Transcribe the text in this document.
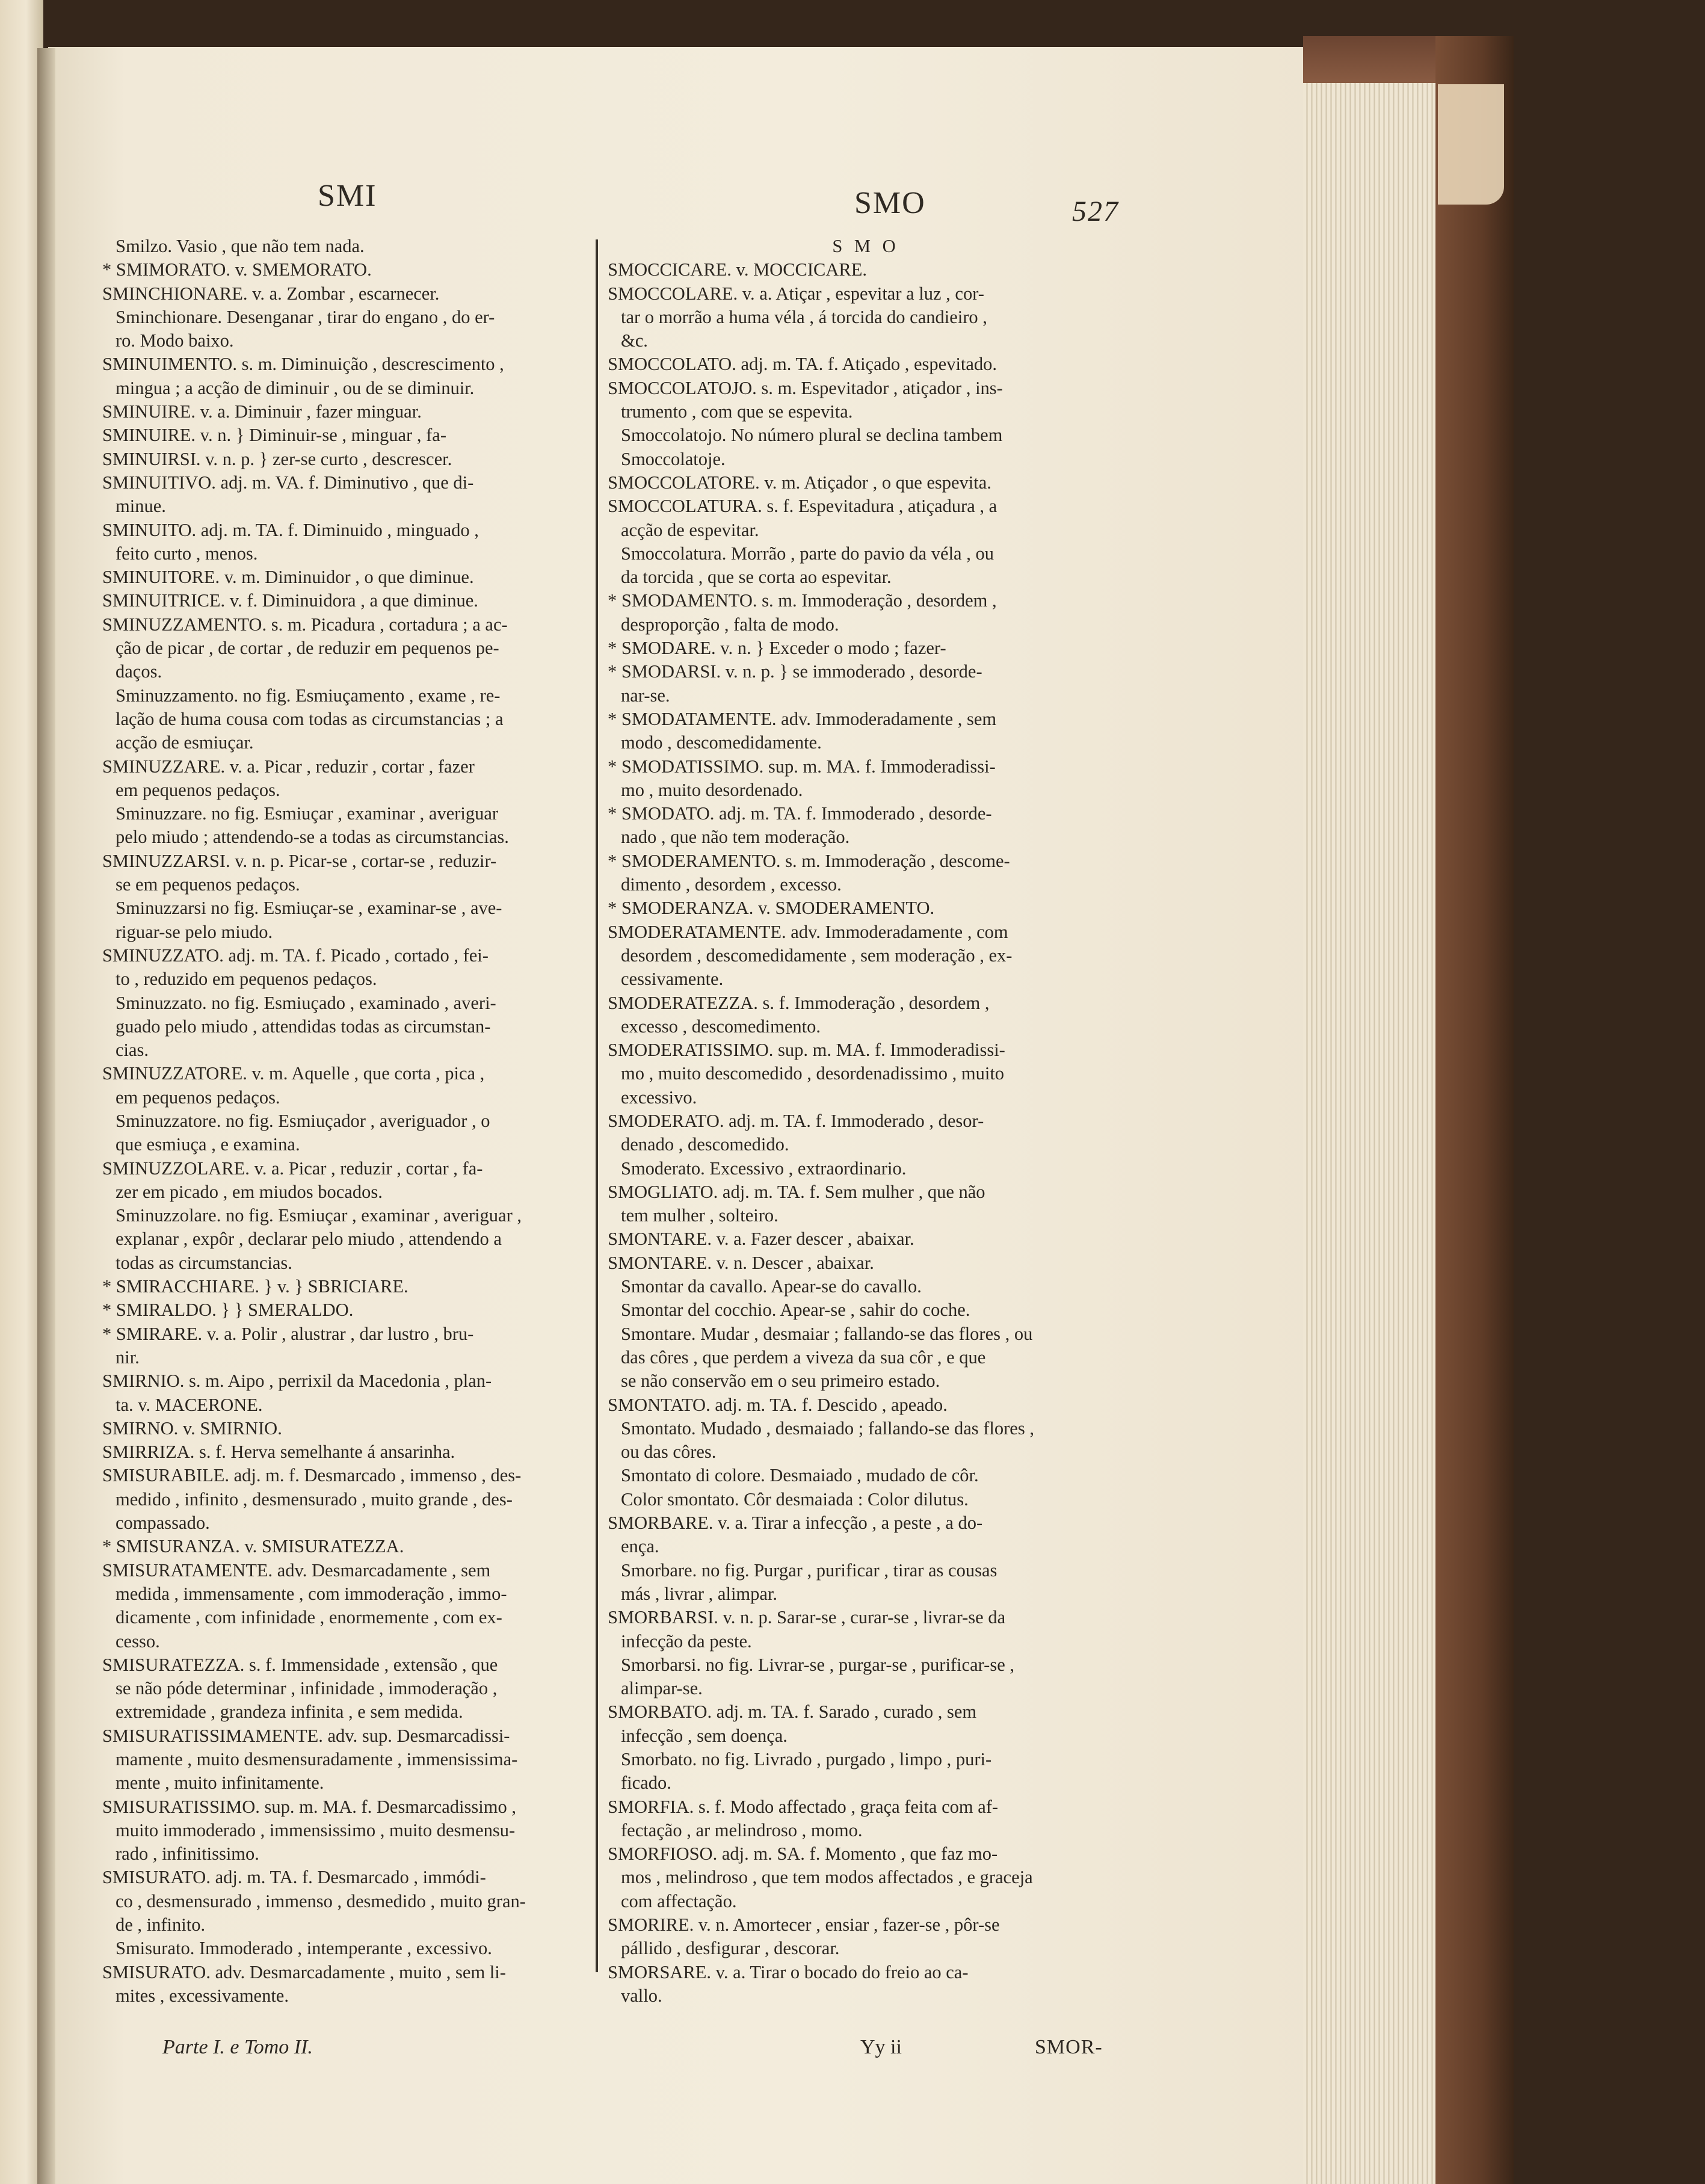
SMI	SMO	527
Smilzo. Vasio , que não tem nada.
* SMIMORATO. v. SMEMORATO.
SMINCHIONARE. v. a. Zombar , escarnecer.
Sminchionare. Desenganar , tirar do engano , do er-
ro. Modo baixo.
SMINUIMENTO. s. m. Diminuição , descrescimento ,
mingua ; a acção de diminuir , ou de se diminuir.
SMINUIRE. v. a. Diminuir , fazer minguar.
SMINUIRE. v. n. } Diminuir-se , minguar , fa-
SMINUIRSI. v. n. p. } zer-se curto , descrescer.
SMINUITIVO. adj. m. VA. f. Diminutivo , que di-
minue.
SMINUITO. adj. m. TA. f. Diminuido , minguado ,
feito curto , menos.
SMINUITORE. v. m. Diminuidor , o que diminue.
SMINUITRICE. v. f. Diminuidora , a que diminue.
SMINUZZAMENTO. s. m. Picadura , cortadura ; a ac-
ção de picar , de cortar , de reduzir em pequenos pe-
daços.
Sminuzzamento. no fig. Esmiuçamento , exame , re-
lação de huma cousa com todas as circumstancias ; a
acção de esmiuçar.
SMINUZZARE. v. a. Picar , reduzir , cortar , fazer
em pequenos pedaços.
Sminuzzare. no fig. Esmiuçar , examinar , averiguar
pelo miudo ; attendendo-se a todas as circumstancias.
SMINUZZARSI. v. n. p. Picar-se , cortar-se , reduzir-
se em pequenos pedaços.
Sminuzzarsi no fig. Esmiuçar-se , examinar-se , ave-
riguar-se pelo miudo.
SMINUZZATO. adj. m. TA. f. Picado , cortado , fei-
to , reduzido em pequenos pedaços.
Sminuzzato. no fig. Esmiuçado , examinado , averi-
guado pelo miudo , attendidas todas as circumstan-
cias.
SMINUZZATORE. v. m. Aquelle , que corta , pica ,
em pequenos pedaços.
Sminuzzatore. no fig. Esmiuçador , averiguador , o
que esmiuça , e examina.
SMINUZZOLARE. v. a. Picar , reduzir , cortar , fa-
zer em picado , em miudos bocados.
Sminuzzolare. no fig. Esmiuçar , examinar , averiguar ,
explanar , expôr , declarar pelo miudo , attendendo a
todas as circumstancias.
* SMIRACCHIARE. } v. } SBRICIARE.
* SMIRALDO. } } SMERALDO.
* SMIRARE. v. a. Polir , alustrar , dar lustro , bru-
nir.
SMIRNIO. s. m. Aipo , perrixil da Macedonia , plan-
ta. v. MACERONE.
SMIRNO. v. SMIRNIO.
SMIRRIZA. s. f. Herva semelhante á ansarinha.
SMISURABILE. adj. m. f. Desmarcado , immenso , des-
medido , infinito , desmensurado , muito grande , des-
compassado.
* SMISURANZA. v. SMISURATEZZA.
SMISURATAMENTE. adv. Desmarcadamente , sem
medida , immensamente , com immoderação , immo-
dicamente , com infinidade , enormemente , com ex-
cesso.
SMISURATEZZA. s. f. Immensidade , extensão , que
se não póde determinar , infinidade , immoderação ,
extremidade , grandeza infinita , e sem medida.
SMISURATISSIMAMENTE. adv. sup. Desmarcadissi-
mamente , muito desmensuradamente , immensissima-
mente , muito infinitamente.
SMISURATISSIMO. sup. m. MA. f. Desmarcadissimo ,
muito immoderado , immensissimo , muito desmensu-
rado , infinitissimo.
SMISURATO. adj. m. TA. f. Desmarcado , immódi-
co , desmensurado , immenso , desmedido , muito gran-
de , infinito.
Smisurato. Immoderado , intemperante , excessivo.
SMISURATO. adv. Desmarcadamente , muito , sem li-
mites , excessivamente.
S M O
SMOCCICARE. v. MOCCICARE.
SMOCCOLARE. v. a. Atiçar , espevitar a luz , cor-
tar o morrão a huma véla , á torcida do candieiro ,
&c.
SMOCCOLATO. adj. m. TA. f. Atiçado , espevitado.
SMOCCOLATOJO. s. m. Espevitador , atiçador , ins-
trumento , com que se espevita.
Smoccolatojo. No número plural se declina tambem
Smoccolatoje.
SMOCCOLATORE. v. m. Atiçador , o que espevita.
SMOCCOLATURA. s. f. Espevitadura , atiçadura , a
acção de espevitar.
Smoccolatura. Morrão , parte do pavio da véla , ou
da torcida , que se corta ao espevitar.
* SMODAMENTO. s. m. Immoderação , desordem ,
desproporção , falta de modo.
* SMODARE. v. n. } Exceder o modo ; fazer-
* SMODARSI. v. n. p. } se immoderado , desorde-
nar-se.
* SMODATAMENTE. adv. Immoderadamente , sem
modo , descomedidamente.
* SMODATISSIMO. sup. m. MA. f. Immoderadissi-
mo , muito desordenado.
* SMODATO. adj. m. TA. f. Immoderado , desorde-
nado , que não tem moderação.
* SMODERAMENTO. s. m. Immoderação , descome-
dimento , desordem , excesso.
* SMODERANZA. v. SMODERAMENTO.
SMODERATAMENTE. adv. Immoderadamente , com
desordem , descomedidamente , sem moderação , ex-
cessivamente.
SMODERATEZZA. s. f. Immoderação , desordem ,
excesso , descomedimento.
SMODERATISSIMO. sup. m. MA. f. Immoderadissi-
mo , muito descomedido , desordenadissimo , muito
excessivo.
SMODERATO. adj. m. TA. f. Immoderado , desor-
denado , descomedido.
Smoderato. Excessivo , extraordinario.
SMOGLIATO. adj. m. TA. f. Sem mulher , que não
tem mulher , solteiro.
SMONTARE. v. a. Fazer descer , abaixar.
SMONTARE. v. n. Descer , abaixar.
Smontar da cavallo. Apear-se do cavallo.
Smontar del cocchio. Apear-se , sahir do coche.
Smontare. Mudar , desmaiar ; fallando-se das flores , ou
das côres , que perdem a viveza da sua côr , e que
se não conservão em o seu primeiro estado.
SMONTATO. adj. m. TA. f. Descido , apeado.
Smontato. Mudado , desmaiado ; fallando-se das flores ,
ou das côres.
Smontato di colore. Desmaiado , mudado de côr.
Color smontato. Côr desmaiada : Color dilutus.
SMORBARE. v. a. Tirar a infecção , a peste , a do-
ença.
Smorbare. no fig. Purgar , purificar , tirar as cousas
más , livrar , alimpar.
SMORBARSI. v. n. p. Sarar-se , curar-se , livrar-se da
infecção da peste.
Smorbarsi. no fig. Livrar-se , purgar-se , purificar-se ,
alimpar-se.
SMORBATO. adj. m. TA. f. Sarado , curado , sem
infecção , sem doença.
Smorbato. no fig. Livrado , purgado , limpo , puri-
ficado.
SMORFIA. s. f. Modo affectado , graça feita com af-
fectação , ar melindroso , momo.
SMORFIOSO. adj. m. SA. f. Momento , que faz mo-
mos , melindroso , que tem modos affectados , e graceja
com affectação.
SMORIRE. v. n. Amortecer , ensiar , fazer-se , pôr-se
pállido , desfigurar , descorar.
SMORSARE. v. a. Tirar o bocado do freio ao ca-
vallo.
Parte I. e Tomo II.	Yy ii	SMOR-
